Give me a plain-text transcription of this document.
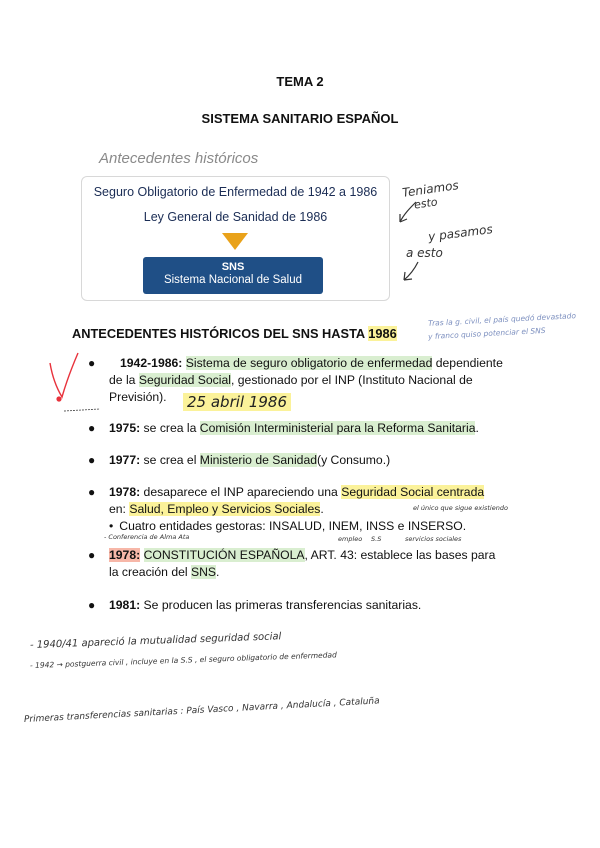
TEMA 2
SISTEMA SANITARIO ESPAÑOL
Antecedentes históricos
Seguro Obligatorio de Enfermedad de 1942 a 1986
Ley General de Sanidad de 1986
SNS
Sistema Nacional de Salud
Teniamos
esto
y pasamos
a esto
Tras la g. civil, el país quedó devastado
y franco quiso potenciar el SNS
ANTECEDENTES HISTÓRICOS DEL SNS HASTA 1986
●	1942-1986: Sistema de seguro obligatorio de enfermedad dependiente
de la Seguridad Social, gestionado por el INP (Instituto Nacional de
Previsión).	25 abril 1986
●	1975: se crea la Comisión Interministerial para la Reforma Sanitaria.
●	1977: se crea el Ministerio de Sanidad(y Consumo.)
●	1978: desaparece el INP apareciendo una Seguridad Social centrada
en: Salud, Empleo y Servicios Sociales.
• Cuatro entidades gestoras: INSALUD, INEM, INSS e INSERSO.
el único que sigue existiendo
- Conferencia de Alma Ata	empleo S.S	servicios sociales
●	1978: CONSTITUCIÓN ESPAÑOLA, ART. 43: establece las bases para
la creación del SNS.
●	1981: Se producen las primeras transferencias sanitarias.
- 1940/41 apareció la mutualidad seguridad social
- 1942 → postguerra civil , incluye en la S.S , el seguro obligatorio de enfermedad
Primeras transferencias sanitarias : País Vasco , Navarra , Andalucía , Cataluña
